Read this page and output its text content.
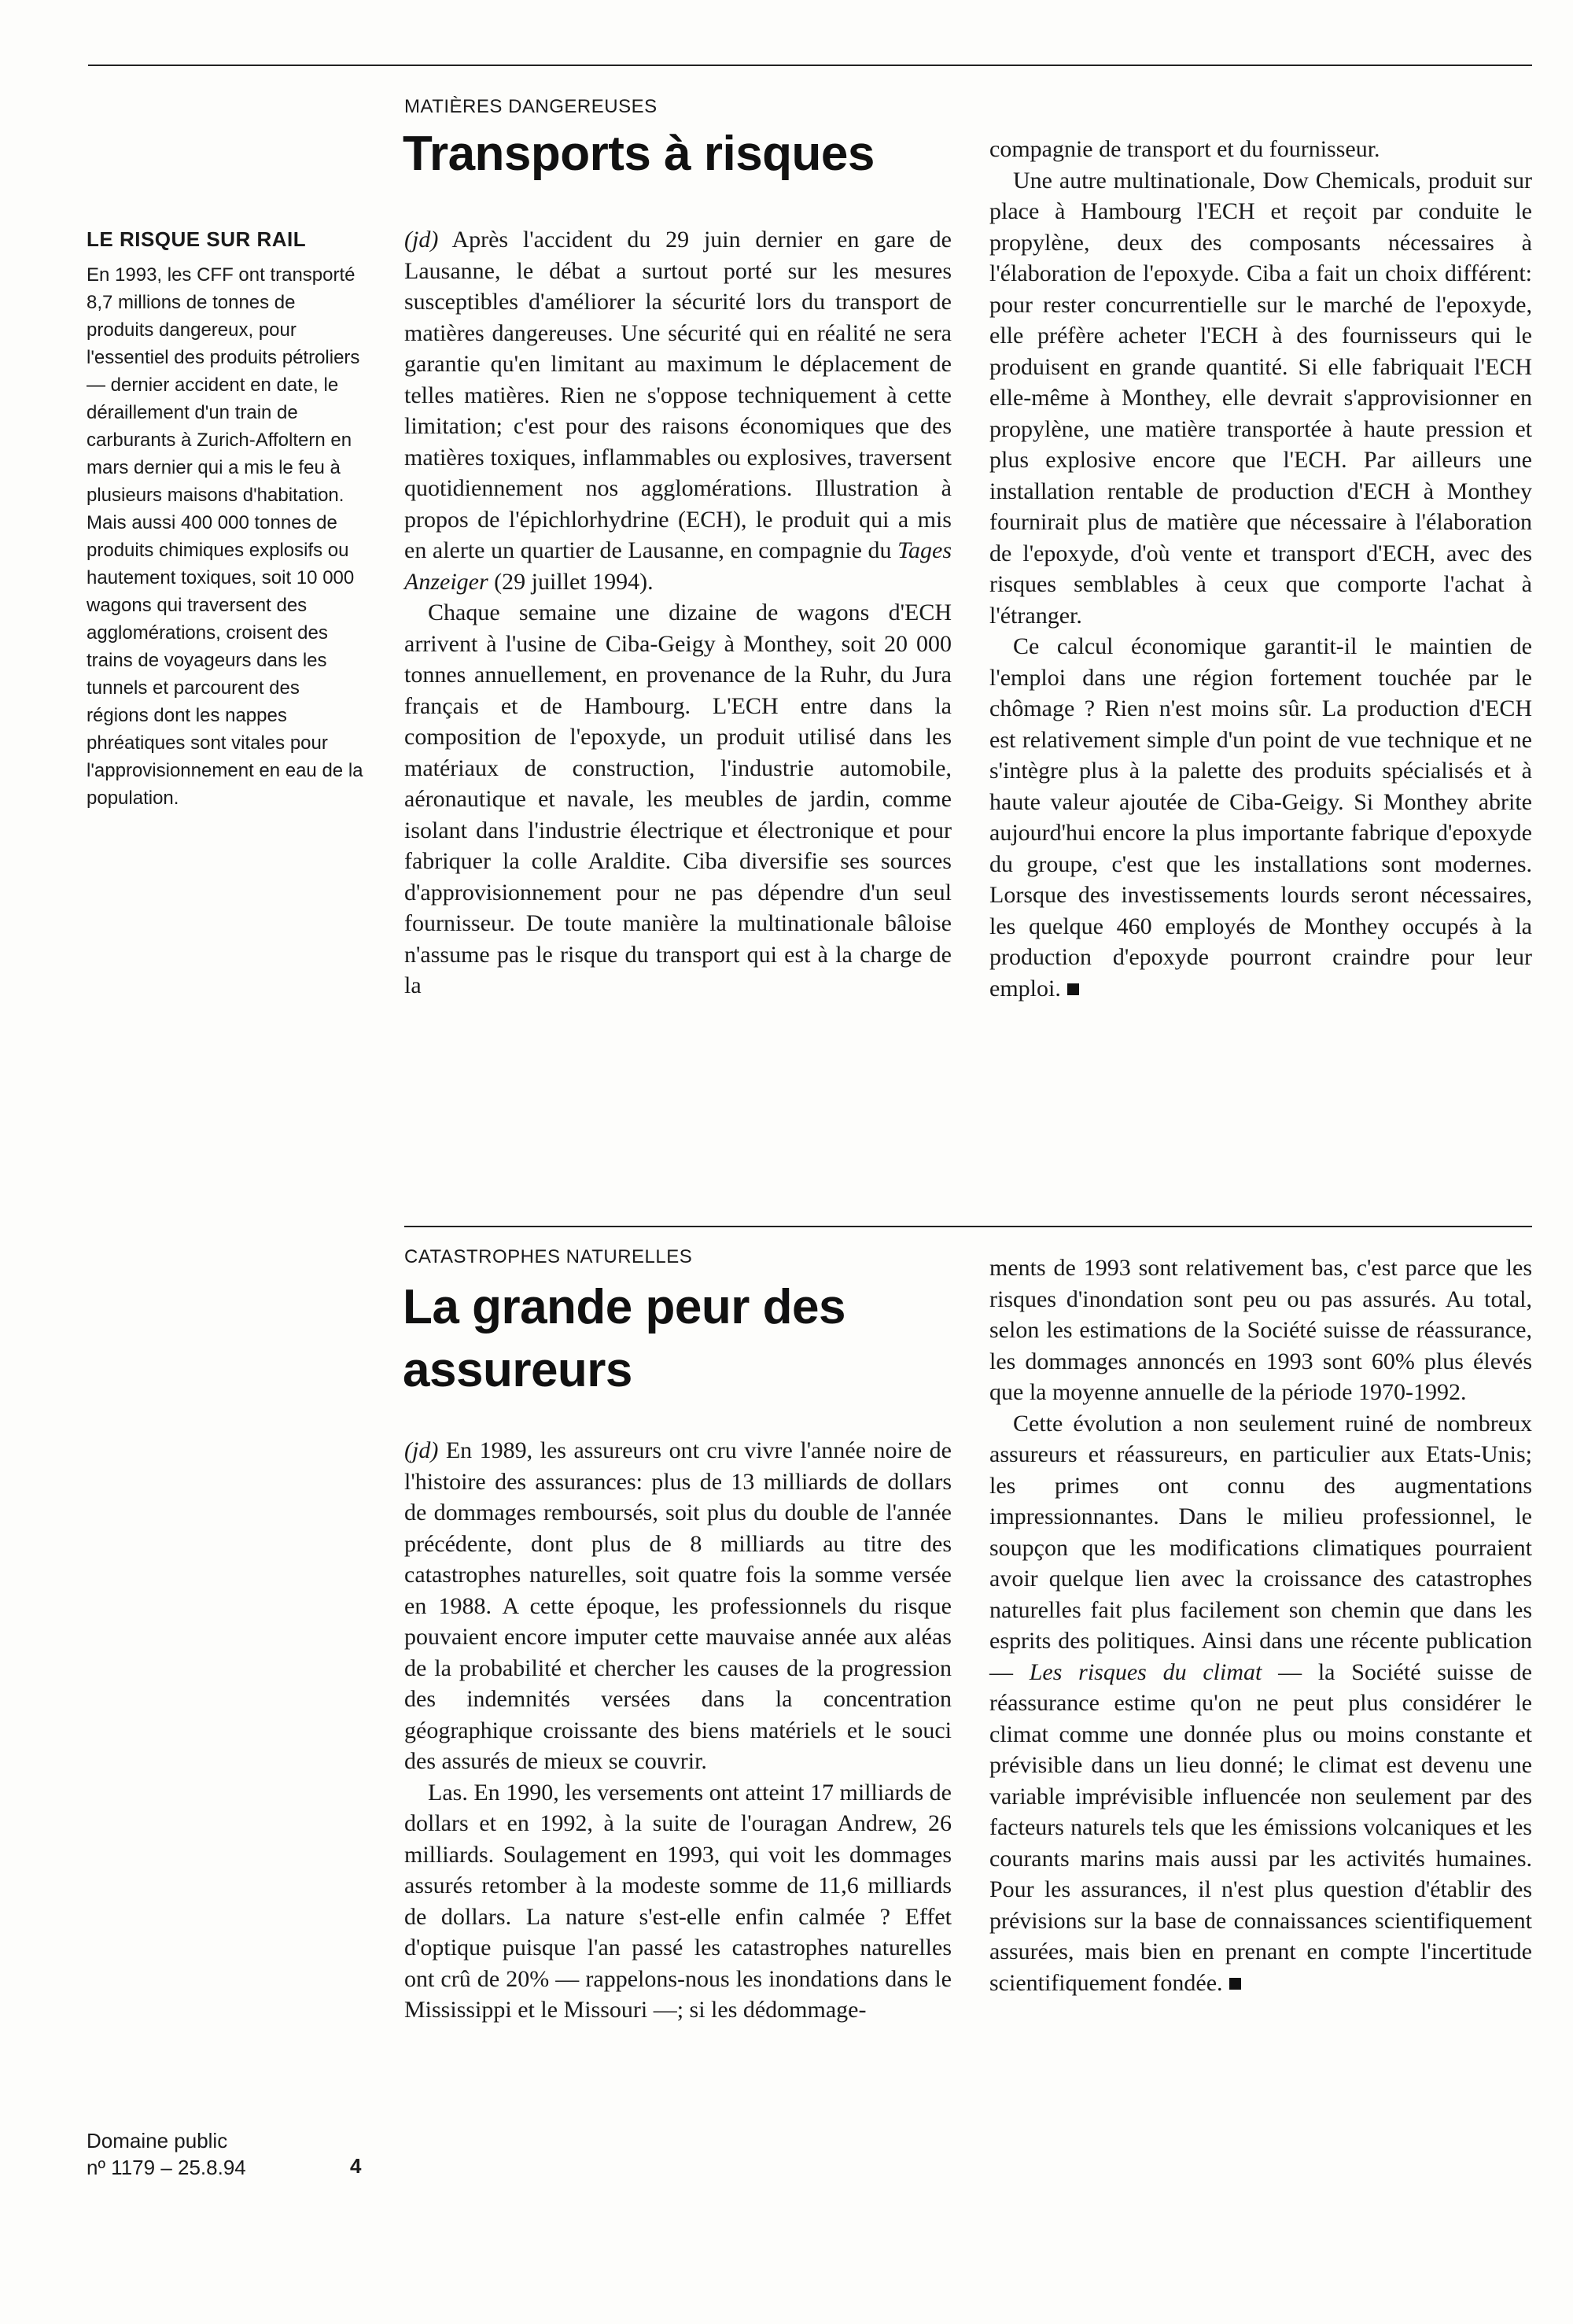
LE RISQUE SUR RAIL

En 1993, les CFF ont transporté 8,7 millions de tonnes de produits dangereux, pour l'essentiel des produits pétroliers — dernier accident en date, le déraillement d'un train de carburants à Zurich-Affoltern en mars dernier qui a mis le feu à plusieurs maisons d'habitation. Mais aussi 400 000 tonnes de produits chimiques explosifs ou hautement toxiques, soit 10 000 wagons qui traversent des agglomérations, croisent des trains de voyageurs dans les tunnels et parcourent des régions dont les nappes phréatiques sont vitales pour l'approvisionnement en eau de la population.

MATIÈRES DANGEREUSES
Transports à risques

(jd) Après l'accident du 29 juin dernier en gare de Lausanne, le débat a surtout porté sur les mesures susceptibles d'améliorer la sécurité lors du transport de matières dangereuses. Une sécurité qui en réalité ne sera garantie qu'en limitant au maximum le déplacement de telles matières. Rien ne s'oppose techniquement à cette limitation; c'est pour des raisons économiques que des matières toxiques, inflammables ou explosives, traversent quotidiennement nos agglomérations. Illustration à propos de l'épichlorhydrine (ECH), le produit qui a mis en alerte un quartier de Lausanne, en compagnie du Tages Anzeiger (29 juillet 1994).

Chaque semaine une dizaine de wagons d'ECH arrivent à l'usine de Ciba-Geigy à Monthey, soit 20 000 tonnes annuellement, en provenance de la Ruhr, du Jura français et de Hambourg. L'ECH entre dans la composition de l'epoxyde, un produit utilisé dans les matériaux de construction, l'industrie automobile, aéronautique et navale, les meubles de jardin, comme isolant dans l'industrie électrique et électronique et pour fabriquer la colle Araldite. Ciba diversifie ses sources d'approvisionnement pour ne pas dépendre d'un seul fournisseur. De toute manière la multinationale bâloise n'assume pas le risque du transport qui est à la charge de la

compagnie de transport et du fournisseur.

Une autre multinationale, Dow Chemicals, produit sur place à Hambourg l'ECH et reçoit par conduite le propylène, deux des composants nécessaires à l'élaboration de l'epoxyde. Ciba a fait un choix différent: pour rester concurrentielle sur le marché de l'epoxyde, elle préfère acheter l'ECH à des fournisseurs qui le produisent en grande quantité. Si elle fabriquait l'ECH elle-même à Monthey, elle devrait s'approvisionner en propylène, une matière transportée à haute pression et plus explosive encore que l'ECH. Par ailleurs une installation rentable de production d'ECH à Monthey fournirait plus de matière que nécessaire à l'élaboration de l'epoxyde, d'où vente et transport d'ECH, avec des risques semblables à ceux que comporte l'achat à l'étranger.

Ce calcul économique garantit-il le maintien de l'emploi dans une région fortement touchée par le chômage ? Rien n'est moins sûr. La production d'ECH est relativement simple d'un point de vue technique et ne s'intègre plus à la palette des produits spécialisés et à haute valeur ajoutée de Ciba-Geigy. Si Monthey abrite aujourd'hui encore la plus importante fabrique d'epoxyde du groupe, c'est que les installations sont modernes. Lorsque des investissements lourds seront nécessaires, les quelque 460 employés de Monthey occupés à la production d'epoxyde pourront craindre pour leur emploi.

CATASTROPHES NATURELLES
La grande peur des
assureurs

(jd) En 1989, les assureurs ont cru vivre l'année noire de l'histoire des assurances: plus de 13 milliards de dollars de dommages remboursés, soit plus du double de l'année précédente, dont plus de 8 milliards au titre des catastrophes naturelles, soit quatre fois la somme versée en 1988. A cette époque, les professionnels du risque pouvaient encore imputer cette mauvaise année aux aléas de la probabilité et chercher les causes de la progression des indemnités versées dans la concentration géographique croissante des biens matériels et le souci des assurés de mieux se couvrir.

Las. En 1990, les versements ont atteint 17 milliards de dollars et en 1992, à la suite de l'ouragan Andrew, 26 milliards. Soulagement en 1993, qui voit les dommages assurés retomber à la modeste somme de 11,6 milliards de dollars. La nature s'est-elle enfin calmée ? Effet d'optique puisque l'an passé les catastrophes naturelles ont crû de 20% — rappelons-nous les inondations dans le Mississippi et le Missouri —; si les dédommage-

ments de 1993 sont relativement bas, c'est parce que les risques d'inondation sont peu ou pas assurés. Au total, selon les estimations de la Société suisse de réassurance, les dommages annoncés en 1993 sont 60% plus élevés que la moyenne annuelle de la période 1970-1992.

Cette évolution a non seulement ruiné de nombreux assureurs et réassureurs, en particulier aux Etats-Unis; les primes ont connu des augmentations impressionnantes. Dans le milieu professionnel, le soupçon que les modifications climatiques pourraient avoir quelque lien avec la croissance des catastrophes naturelles fait plus facilement son chemin que dans les esprits des politiques. Ainsi dans une récente publication — Les risques du climat — la Société suisse de réassurance estime qu'on ne peut plus considérer le climat comme une donnée plus ou moins constante et prévisible dans un lieu donné; le climat est devenu une variable imprévisible influencée non seulement par des facteurs naturels tels que les émissions volcaniques et les courants marins mais aussi par les activités humaines. Pour les assurances, il n'est plus question d'établir des prévisions sur la base de connaissances scientifiquement assurées, mais bien en prenant en compte l'incertitude scientifiquement fondée.

Domaine public
nº 1179 – 25.8.94	4
